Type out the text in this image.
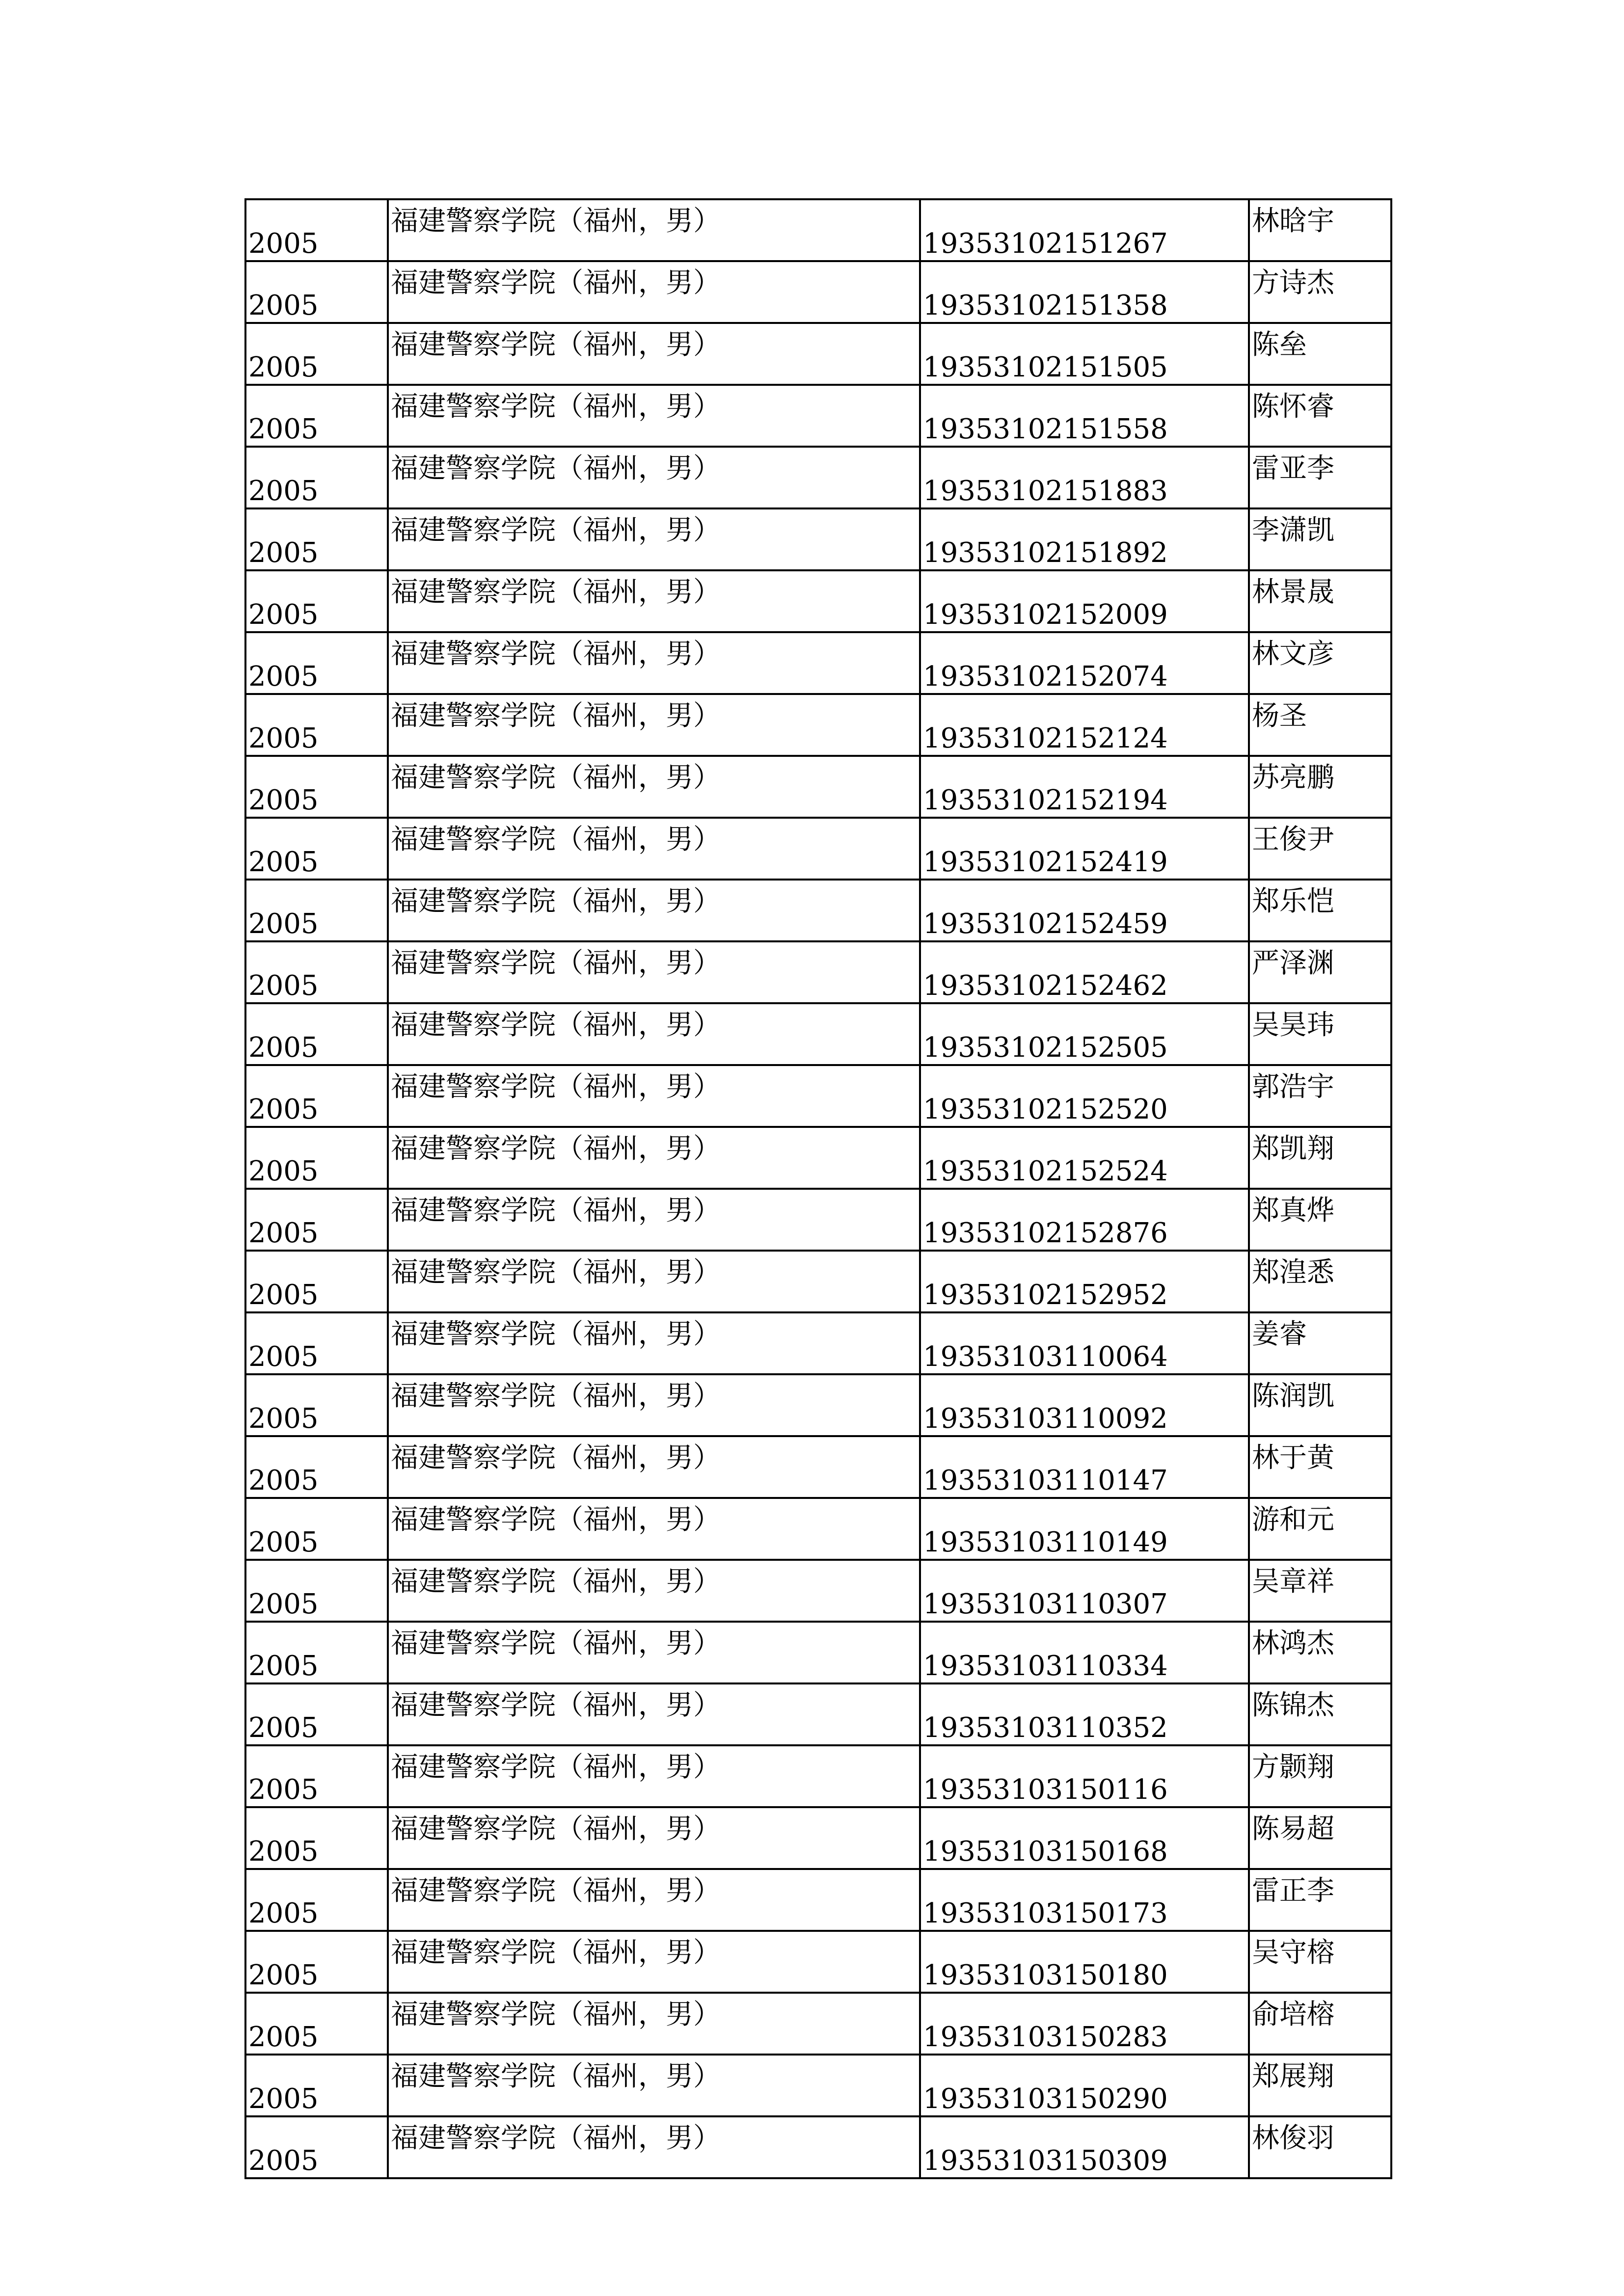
2005	福建警察学院（福州，男）	19353102151267	林晗宇
2005	福建警察学院（福州，男）	19353102151358	方诗杰
2005	福建警察学院（福州，男）	19353102151505	陈垒
2005	福建警察学院（福州，男）	19353102151558	陈怀睿
2005	福建警察学院（福州，男）	19353102151883	雷亚李
2005	福建警察学院（福州，男）	19353102151892	李潇凯
2005	福建警察学院（福州，男）	19353102152009	林景晟
2005	福建警察学院（福州，男）	19353102152074	林文彦
2005	福建警察学院（福州，男）	19353102152124	杨圣
2005	福建警察学院（福州，男）	19353102152194	苏亮鹏
2005	福建警察学院（福州，男）	19353102152419	王俊尹
2005	福建警察学院（福州，男）	19353102152459	郑乐恺
2005	福建警察学院（福州，男）	19353102152462	严泽渊
2005	福建警察学院（福州，男）	19353102152505	吴昊玮
2005	福建警察学院（福州，男）	19353102152520	郭浩宇
2005	福建警察学院（福州，男）	19353102152524	郑凯翔
2005	福建警察学院（福州，男）	19353102152876	郑真烨
2005	福建警察学院（福州，男）	19353102152952	郑湟悉
2005	福建警察学院（福州，男）	19353103110064	姜睿
2005	福建警察学院（福州，男）	19353103110092	陈润凯
2005	福建警察学院（福州，男）	19353103110147	林于黄
2005	福建警察学院（福州，男）	19353103110149	游和元
2005	福建警察学院（福州，男）	19353103110307	吴章祥
2005	福建警察学院（福州，男）	19353103110334	林鸿杰
2005	福建警察学院（福州，男）	19353103110352	陈锦杰
2005	福建警察学院（福州，男）	19353103150116	方颢翔
2005	福建警察学院（福州，男）	19353103150168	陈易超
2005	福建警察学院（福州，男）	19353103150173	雷正李
2005	福建警察学院（福州，男）	19353103150180	吴守榕
2005	福建警察学院（福州，男）	19353103150283	俞培榕
2005	福建警察学院（福州，男）	19353103150290	郑展翔
2005	福建警察学院（福州，男）	19353103150309	林俊羽
